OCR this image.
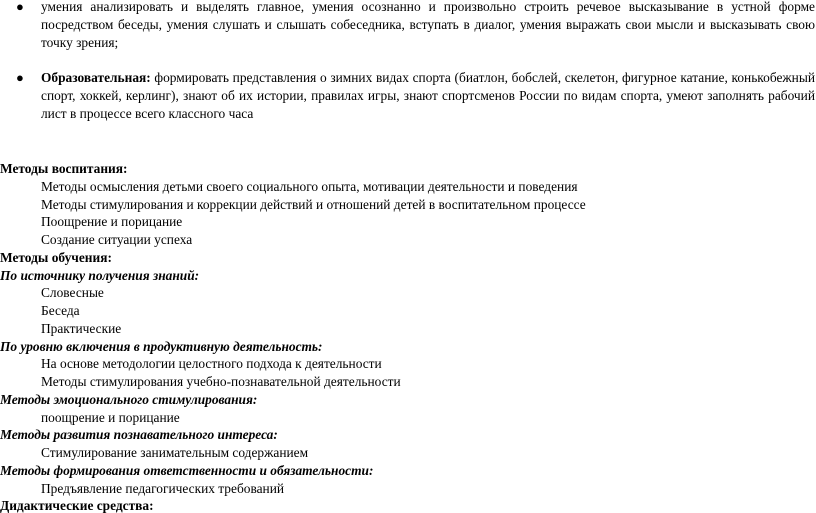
● умения анализировать и выделять главное, умения осознанно и произвольно строить речевое высказывание в устной форме посредством беседы, умения слушать и слышать собеседника, вступать в диалог, умения выражать свои мысли и высказывать свою точку зрения;
● Образовательная: формировать представления о зимних видах спорта (биатлон, бобслей, скелетон, фигурное катание, конькобежный спорт, хоккей, керлинг), знают об их истории, правилах игры, знают спортсменов России по видам спорта, умеют заполнять рабочий лист в процессе всего классного часа
Методы воспитания:
Методы осмысления детьми своего социального опыта, мотивации деятельности и поведения
Методы стимулирования и коррекции действий и отношений детей в воспитательном процессе
Поощрение и порицание
Создание ситуации успеха
Методы обучения:
По источнику получения знаний:
Словесные
Беседа
Практические
По уровню включения в продуктивную деятельность:
На основе методологии целостного подхода к деятельности
Методы стимулирования учебно-познавательной деятельности
Методы эмоционального стимулирования:
поощрение и порицание
Методы развития познавательного интереса:
Стимулирование занимательным содержанием
Методы формирования ответственности и обязательности:
Предъявление педагогических требований
Дидактические средства:
